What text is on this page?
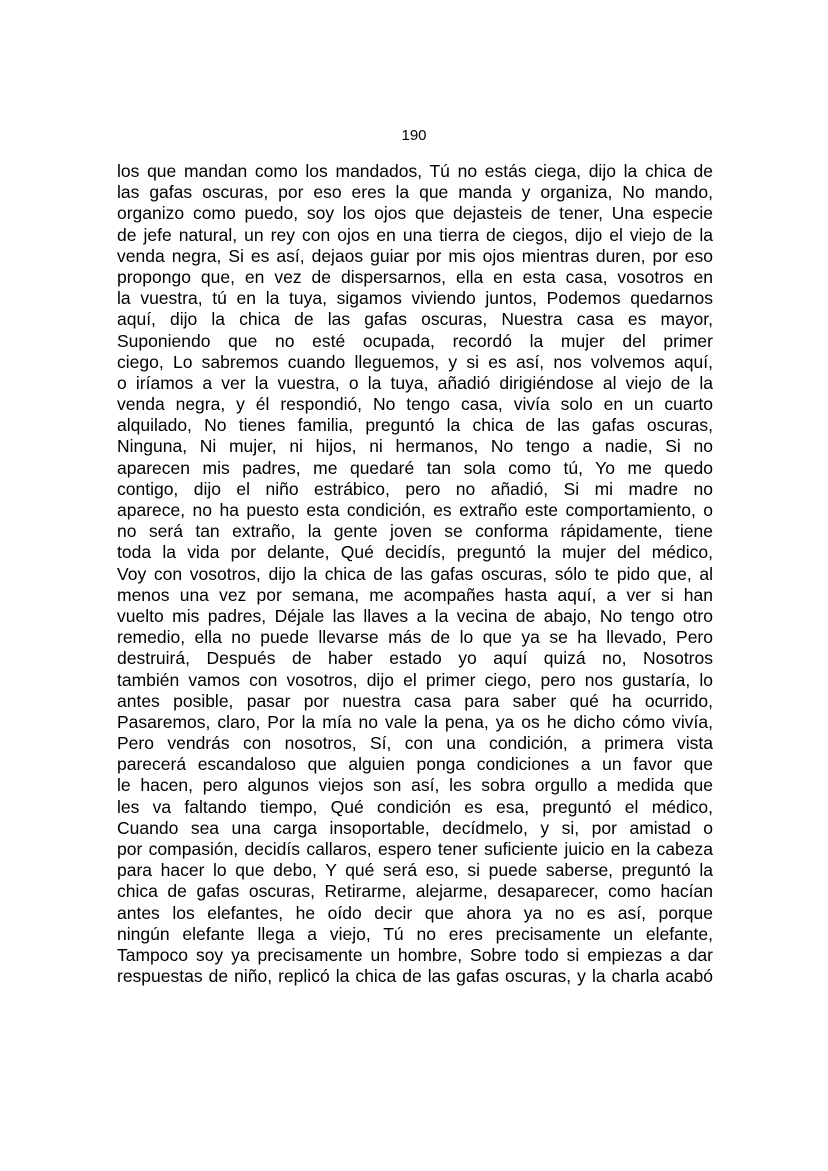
190
los que mandan como los mandados, Tú no estás ciega, dijo la chica de
las gafas oscuras, por eso eres la que manda y organiza, No mando,
organizo como puedo, soy los ojos que dejasteis de tener, Una especie
de jefe natural, un rey con ojos en una tierra de ciegos, dijo el viejo de la
venda negra, Si es así, dejaos guiar por mis ojos mientras duren, por eso
propongo que, en vez de dispersarnos, ella en esta casa, vosotros en
la vuestra, tú en la tuya, sigamos viviendo juntos, Podemos quedarnos
aquí, dijo la chica de las gafas oscuras, Nuestra casa es mayor,
Suponiendo que no esté ocupada, recordó la mujer del primer
ciego, Lo sabremos cuando lleguemos, y si es así, nos volvemos aquí,
o iríamos a ver la vuestra, o la tuya, añadió dirigiéndose al viejo de la
venda negra, y él respondió, No tengo casa, vivía solo en un cuarto
alquilado, No tienes familia, preguntó la chica de las gafas oscuras,
Ninguna, Ni mujer, ni hijos, ni hermanos, No tengo a nadie, Si no
aparecen mis padres, me quedaré tan sola como tú, Yo me quedo
contigo, dijo el niño estrábico, pero no añadió, Si mi madre no
aparece, no ha puesto esta condición, es extraño este comportamiento, o
no será tan extraño, la gente joven se conforma rápidamente, tiene
toda la vida por delante, Qué decidís, preguntó la mujer del médico,
Voy con vosotros, dijo la chica de las gafas oscuras, sólo te pido que, al
menos una vez por semana, me acompañes hasta aquí, a ver si han
vuelto mis padres, Déjale las llaves a la vecina de abajo, No tengo otro
remedio, ella no puede llevarse más de lo que ya se ha llevado, Pero
destruirá, Después de haber estado yo aquí quizá no, Nosotros
también vamos con vosotros, dijo el primer ciego, pero nos gustaría, lo
antes posible, pasar por nuestra casa para saber qué ha ocurrido,
Pasaremos, claro, Por la mía no vale la pena, ya os he dicho cómo vivía,
Pero vendrás con nosotros, Sí, con una condición, a primera vista
parecerá escandaloso que alguien ponga condiciones a un favor que
le hacen, pero algunos viejos son así, les sobra orgullo a medida que
les va faltando tiempo, Qué condición es esa, preguntó el médico,
Cuando sea una carga insoportable, decídmelo, y si, por amistad o
por compasión, decidís callaros, espero tener suficiente juicio en la cabeza
para hacer lo que debo, Y qué será eso, si puede saberse, preguntó la
chica de gafas oscuras, Retirarme, alejarme, desaparecer, como hacían
antes los elefantes, he oído decir que ahora ya no es así, porque
ningún elefante llega a viejo, Tú no eres precisamente un elefante,
Tampoco soy ya precisamente un hombre, Sobre todo si empiezas a dar
respuestas de niño, replicó la chica de las gafas oscuras, y la charla acabó
